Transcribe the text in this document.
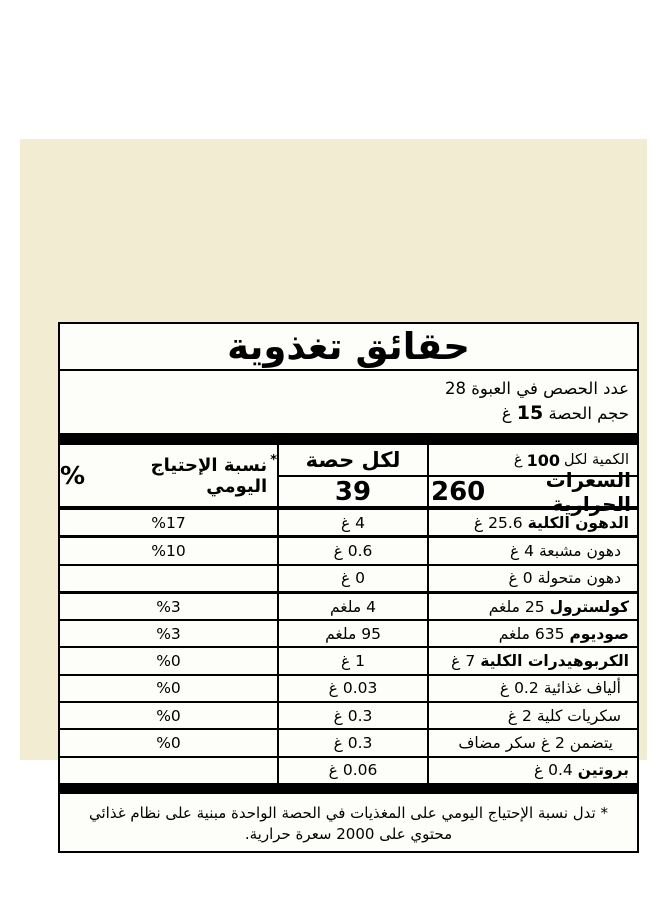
حقائق تغذوية
عدد الحصص في العبوة 28
حجم الحصة 15 غ
الكمية لكل
100
غ
لكل حصة
*
نسبة الإحتياج اليومي
%	السعرات الحرارية
260
39
الدهون الكلية
25.6 غ
4 غ
%17
دهون مشبعة
4 غ
0.6 غ
%10
دهون متحولة
0 غ
0 غ
كولسترول
25 ملغم
4 ملغم
%3
صوديوم
635 ملغم
95 ملغم
%3
الكربوهيدرات الكلية
7 غ
1 غ
%0
ألياف غذائية
0.2 غ
0.03 غ
%0
سكريات كلية
2 غ
0.3 غ
%0
يتضمن 2 غ سكر مضاف
0.3 غ
%0
بروتين
0.4 غ
0.06 غ
* تدل نسبة الإحتياج اليومي على المغذيات في الحصة الواحدة مبنية على نظام غذائي محتوي على 2000 سعرة حرارية.
